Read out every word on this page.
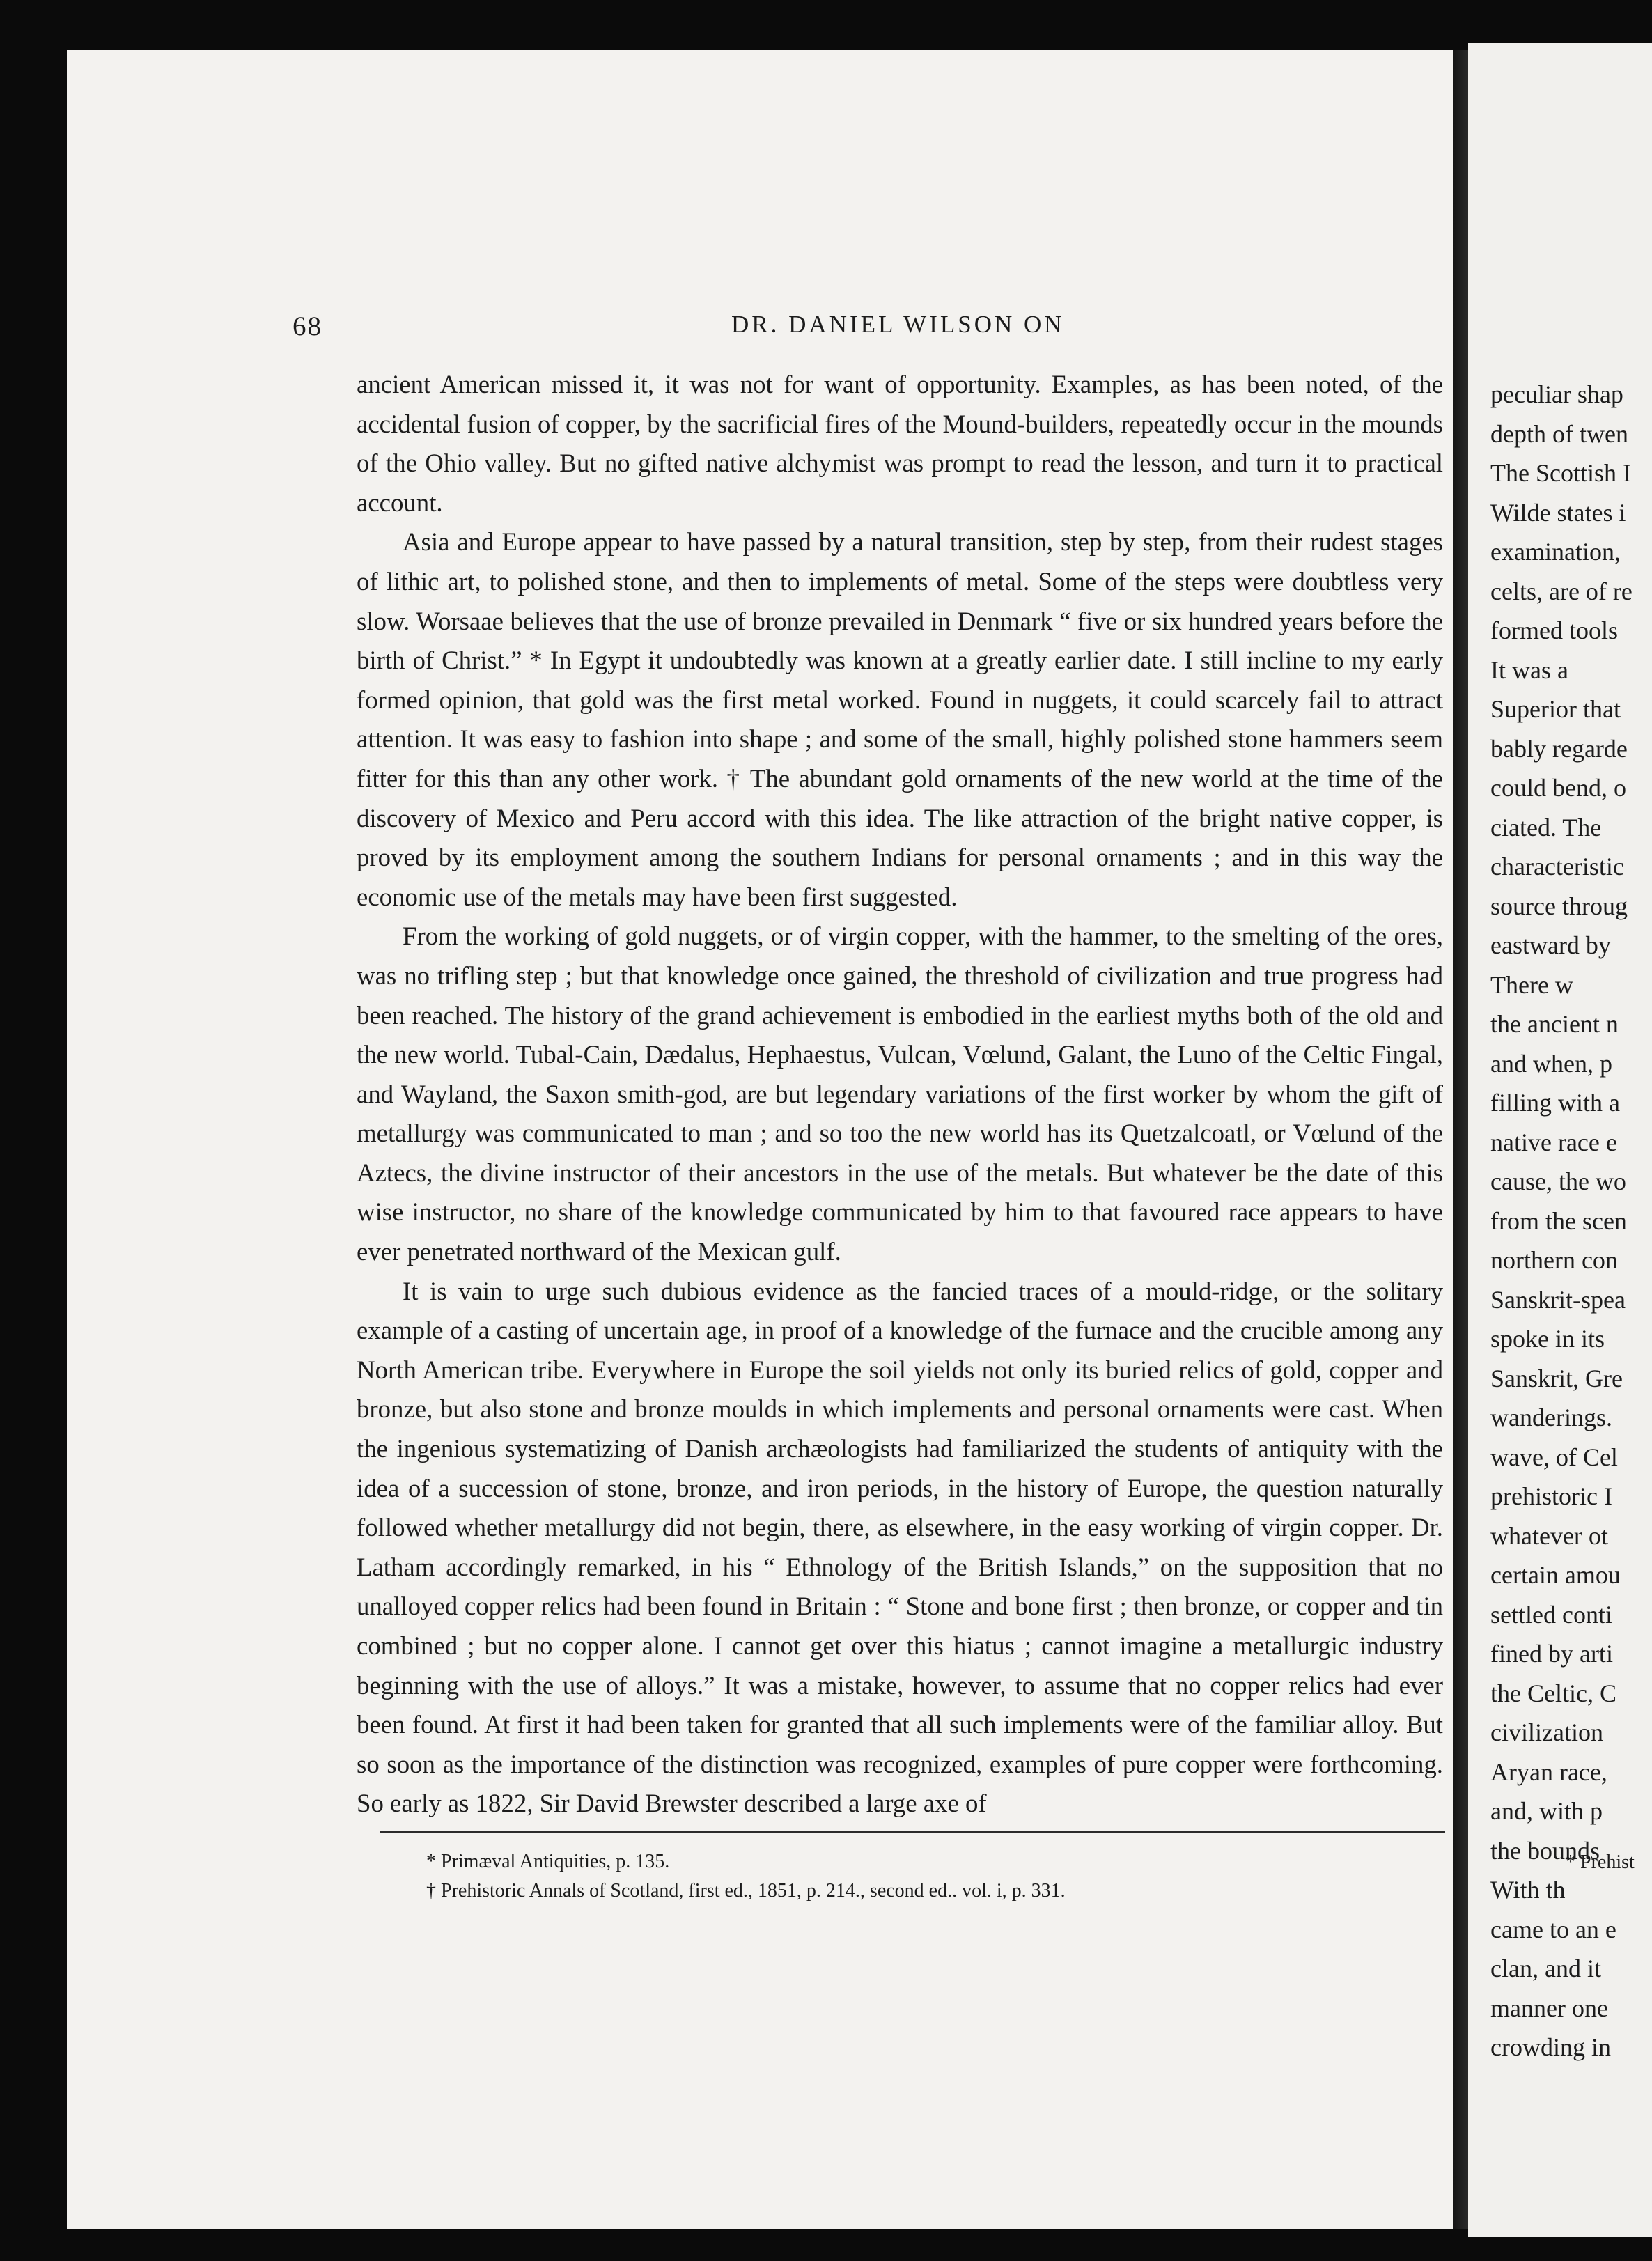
68	DR. DANIEL WILSON ON

ancient American missed it, it was not for want of opportunity. Examples, as has been noted, of the accidental fusion of copper, by the sacrificial fires of the Mound-builders, repeatedly occur in the mounds of the Ohio valley. But no gifted native alchymist was prompt to read the lesson, and turn it to practical account.

Asia and Europe appear to have passed by a natural transition, step by step, from their rudest stages of lithic art, to polished stone, and then to implements of metal. Some of the steps were doubtless very slow. Worsaae believes that the use of bronze prevailed in Denmark “ five or six hundred years before the birth of Christ.” * In Egypt it undoubtedly was known at a greatly earlier date. I still incline to my early formed opinion, that gold was the first metal worked. Found in nuggets, it could scarcely fail to attract attention. It was easy to fashion into shape ; and some of the small, highly polished stone hammers seem fitter for this than any other work. † The abundant gold ornaments of the new world at the time of the discovery of Mexico and Peru accord with this idea. The like attraction of the bright native copper, is proved by its employment among the southern Indians for personal ornaments ; and in this way the economic use of the metals may have been first suggested.

From the working of gold nuggets, or of virgin copper, with the hammer, to the smelting of the ores, was no trifling step ; but that knowledge once gained, the threshold of civilization and true progress had been reached. The history of the grand achievement is embodied in the earliest myths both of the old and the new world. Tubal-Cain, Dædalus, Hephaestus, Vulcan, Vœlund, Galant, the Luno of the Celtic Fingal, and Wayland, the Saxon smith-god, are but legendary variations of the first worker by whom the gift of metallurgy was communicated to man ; and so too the new world has its Quetzalcoatl, or Vœlund of the Aztecs, the divine instructor of their ancestors in the use of the metals. But whatever be the date of this wise instructor, no share of the knowledge communicated by him to that favoured race appears to have ever penetrated northward of the Mexican gulf.

It is vain to urge such dubious evidence as the fancied traces of a mould-ridge, or the solitary example of a casting of uncertain age, in proof of a knowledge of the furnace and the crucible among any North American tribe. Everywhere in Europe the soil yields not only its buried relics of gold, copper and bronze, but also stone and bronze moulds in which implements and personal ornaments were cast. When the ingenious systematizing of Danish archæologists had familiarized the students of antiquity with the idea of a succession of stone, bronze, and iron periods, in the history of Europe, the question naturally followed whether metallurgy did not begin, there, as elsewhere, in the easy working of virgin copper. Dr. Latham accordingly remarked, in his “ Ethnology of the British Islands,” on the supposition that no unalloyed copper relics had been found in Britain : “ Stone and bone first ; then bronze, or copper and tin combined ; but no copper alone. I cannot get over this hiatus ; cannot imagine a metallurgic industry beginning with the use of alloys.” It was a mistake, however, to assume that no copper relics had ever been found. At first it had been taken for granted that all such implements were of the familiar alloy. But so soon as the importance of the distinction was recognized, examples of pure copper were forthcoming. So early as 1822, Sir David Brewster described a large axe of

* Primæval Antiquities, p. 135.
† Prehistoric Annals of Scotland, first ed., 1851, p. 214., second ed.. vol. i, p. 331.
peculiar shap
depth of twen
The Scottish I
Wilde states i
examination,
celts, are of re
formed tools
It was a
Superior that
bably regarde
could bend, o
ciated. The
characteristic
source throug
eastward by
There w
the ancient n
and when, p
filling with a
native race e
cause, the wo
from the scen
northern con
Sanskrit-spea
spoke in its
Sanskrit, Gre
wanderings.
wave, of Cel
prehistoric I
whatever ot
certain amou
settled conti
fined by arti
the Celtic, C
civilization
Aryan race,
and, with p
the bounds
With th
came to an e
clan, and it
manner one
crowding in
* Prehist
